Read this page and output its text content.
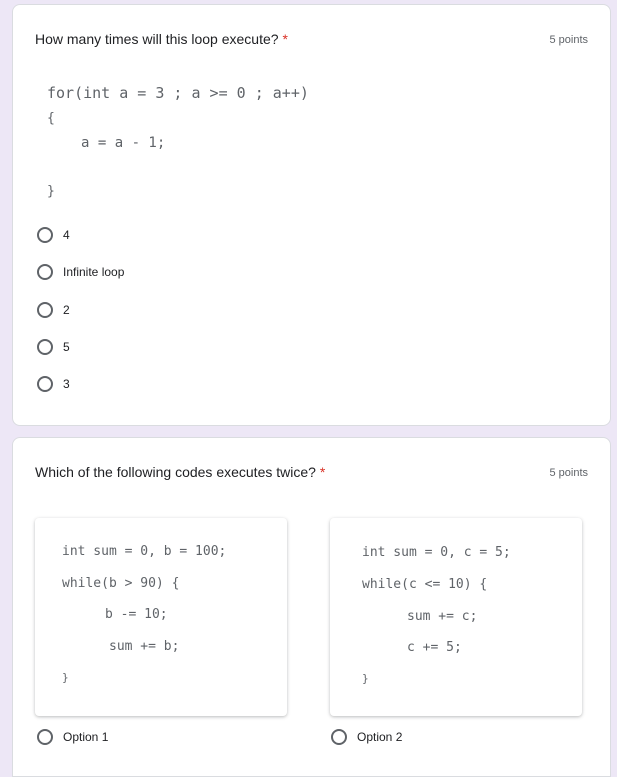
How many times will this loop execute? *	5 points
for(int a = 3 ; a >= 0 ; a++)
{
a = a - 1;
}
4
Infinite loop
2
5
3
Which of the following codes executes twice? *	5 points
int sum = 0, b = 100;
while(b > 90) {
b -= 10;
sum += b;
}
int sum = 0, c = 5;
while(c <= 10) {
sum += c;
c += 5;
}
Option 1	Option 2
